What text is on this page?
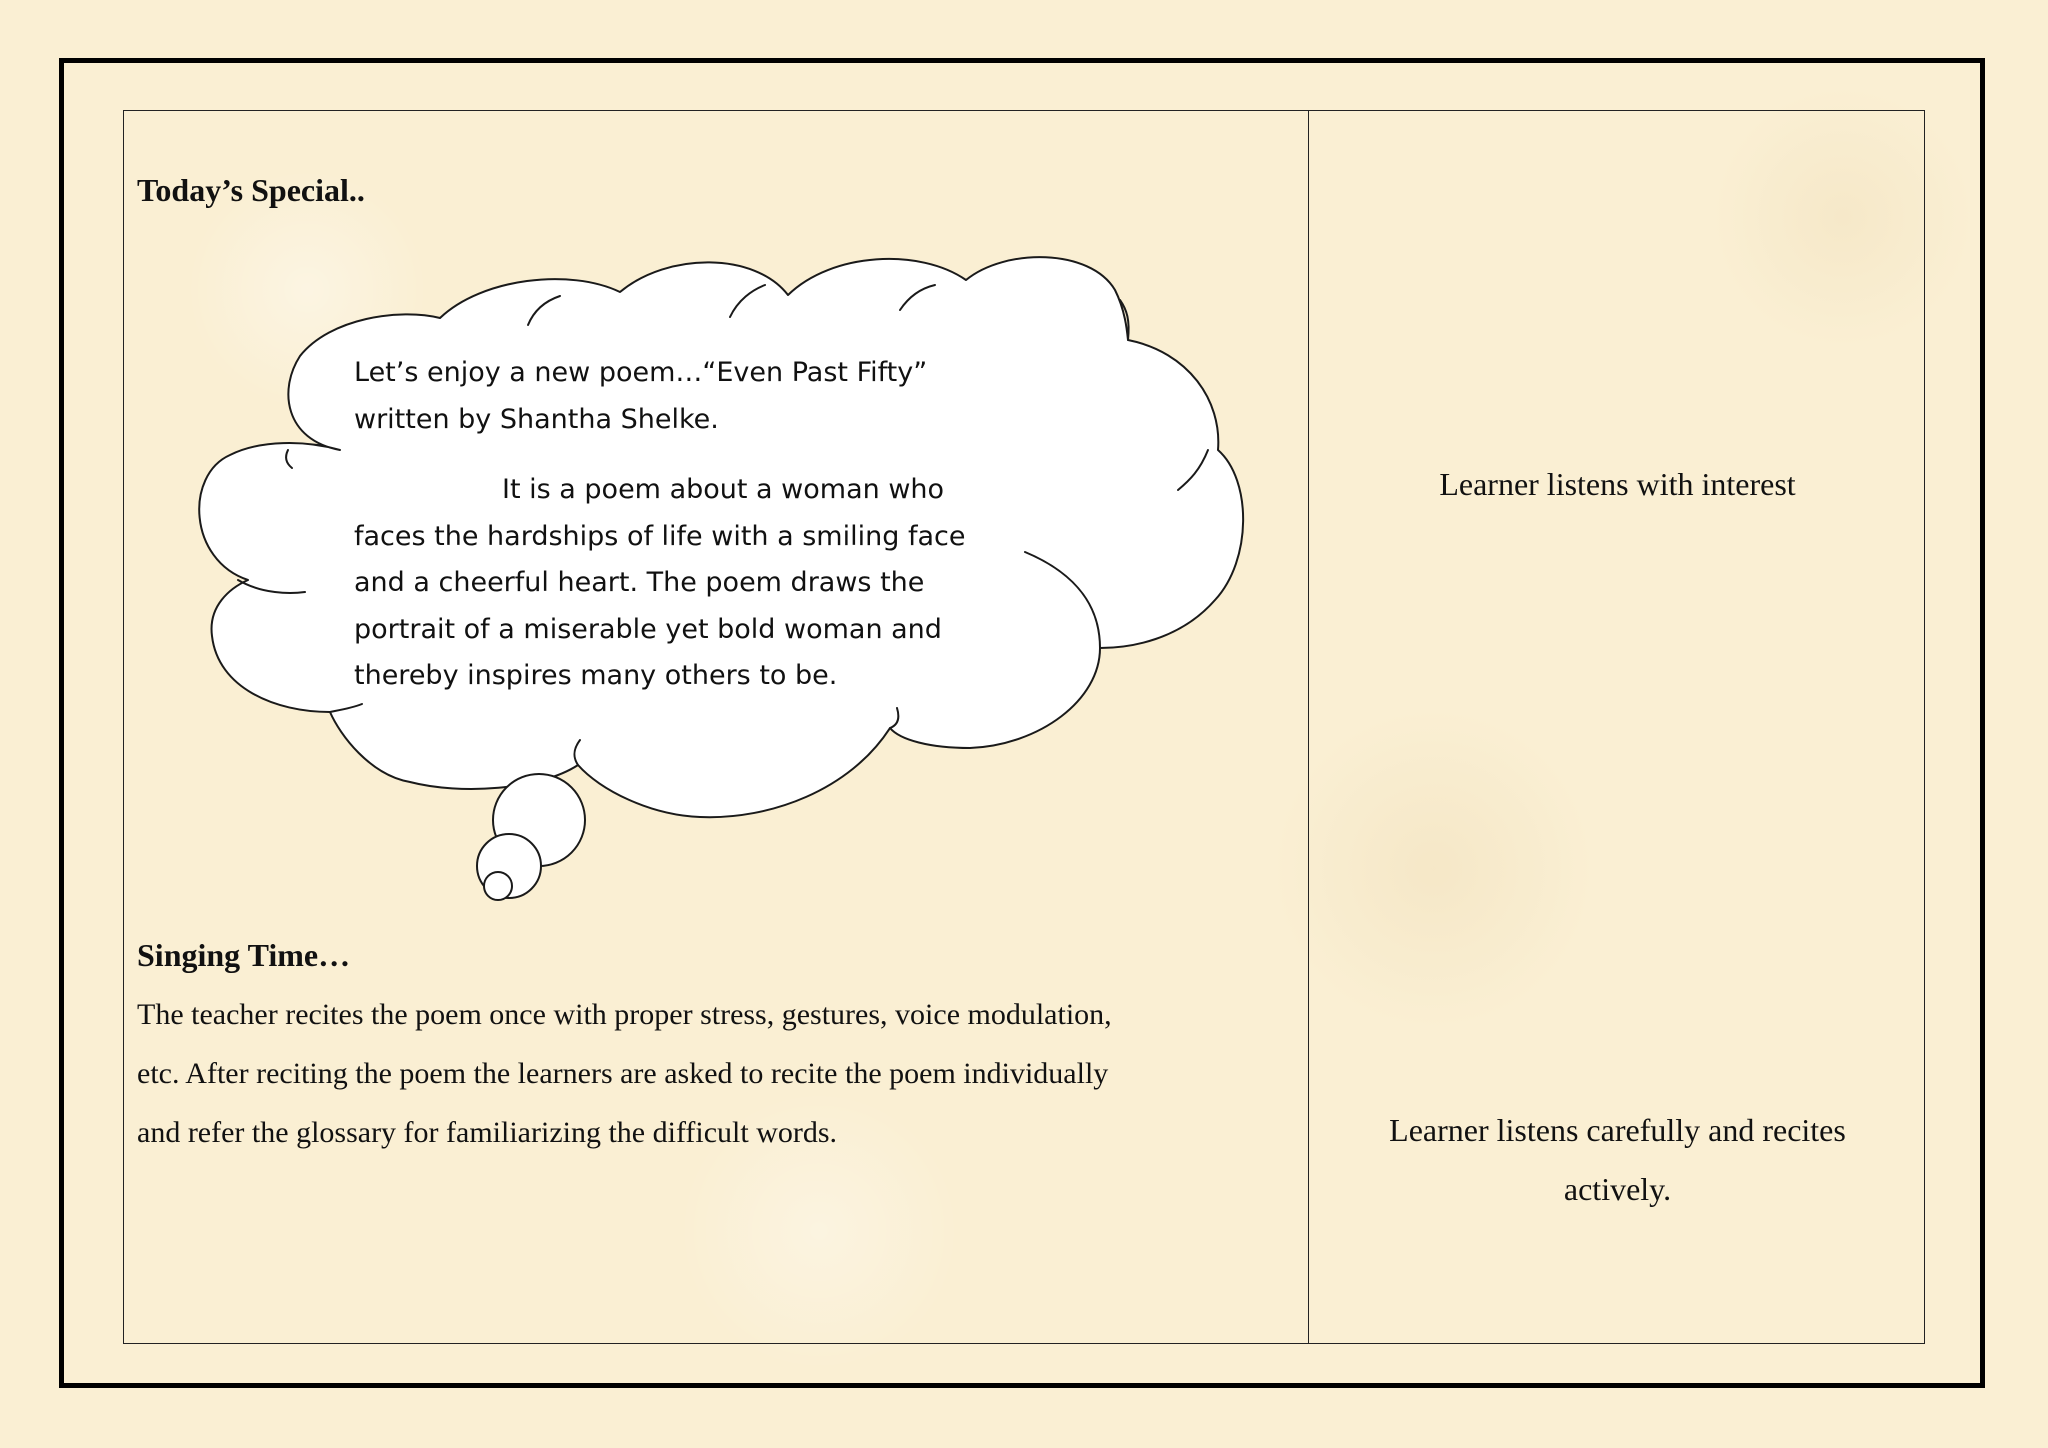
Today’s Special..

Let’s enjoy a new poem…“Even Past Fifty”
written by Shantha Shelke.

It is a poem about a woman who
faces the hardships of life with a smiling face
and a cheerful heart. The poem draws the
portrait of a miserable yet bold woman and
thereby inspires many others to be.

Singing Time…

The teacher recites the poem once with proper stress, gestures, voice modulation,
etc. After reciting the poem the learners are asked to recite the poem individually
and refer the glossary for familiarizing the difficult words.

Learner listens with interest

Learner listens carefully and recites
actively.
